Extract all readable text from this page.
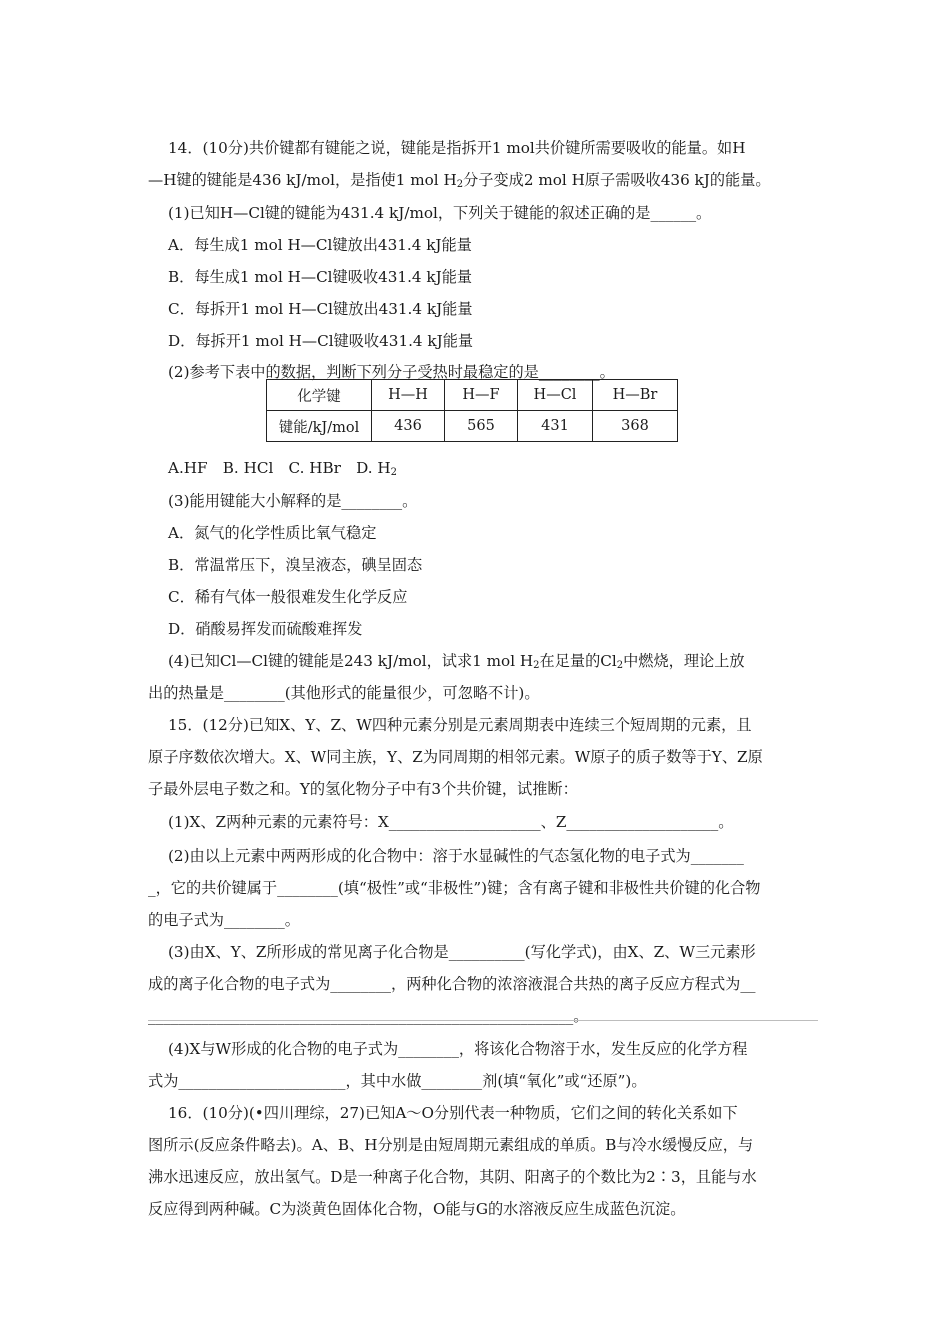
14．(10分)共价键都有键能之说，键能是指拆开1 mol共价键所需要吸收的能量。如H
—H键的键能是436 kJ/mol，是指使1 mol $H_2$分子变成2 mol H原子需吸收436 kJ的能量。
(1)已知H—Cl键的键能为431.4 kJ/mol，下列关于键能的叙述正确的是______。
A．每生成1 mol H—Cl键放出431.4 kJ能量
B．每生成1 mol H—Cl键吸收431.4 kJ能量
C．每拆开1 mol H—Cl键放出431.4 kJ能量
D．每拆开1 mol H—Cl键吸收431.4 kJ能量
(2)参考下表中的数据，判断下列分子受热时最稳定的是________。
化学键	H—H	H—F	H—Cl	H—Br
键能/kJ/mol	436	565	431	368
A.HF　B. HCl　C. HBr　D. $H_2$
(3)能用键能大小解释的是________。
A．氮气的化学性质比氧气稳定
B．常温常压下，溴呈液态，碘呈固态
C．稀有气体一般很难发生化学反应
D．硝酸易挥发而硫酸难挥发
(4)已知Cl—Cl键的键能是243 kJ/mol，试求1 mol $H_2$在足量的$Cl_2$中燃烧，理论上放
出的热量是________(其他形式的能量很少，可忽略不计)。
15．(12分)已知X、Y、Z、W四种元素分别是元素周期表中连续三个短周期的元素，且
原子序数依次增大。X、W同主族，Y、Z为同周期的相邻元素。W原子的质子数等于Y、Z原
子最外层电子数之和。Y的氢化物分子中有3个共价键，试推断：
(1)X、Z两种元素的元素符号：X____________________、Z____________________。
(2)由以上元素中两两形成的化合物中：溶于水显碱性的气态氢化物的电子式为_______
_，它的共价键属于________(填“极性”或“非极性”)键；含有离子键和非极性共价键的化合物
的电子式为________。
(3)由X、Y、Z所形成的常见离子化合物是__________(写化学式)，由X、Z、W三元素形
成的离子化合物的电子式为________，两种化合物的浓溶液混合共热的离子反应方程式为__
________________________________________________________。
(4)X与W形成的化合物的电子式为________，将该化合物溶于水，发生反应的化学方程
式为______________________，其中水做________剂(填“氧化”或“还原”)。
16．(10分)(•四川理综，27)已知A～O分别代表一种物质，它们之间的转化关系如下
图所示(反应条件略去)。A、B、H分别是由短周期元素组成的单质。B与冷水缓慢反应，与
沸水迅速反应，放出氢气。D是一种离子化合物，其阴、阳离子的个数比为2∶3，且能与水
反应得到两种碱。C为淡黄色固体化合物，O能与G的水溶液反应生成蓝色沉淀。
